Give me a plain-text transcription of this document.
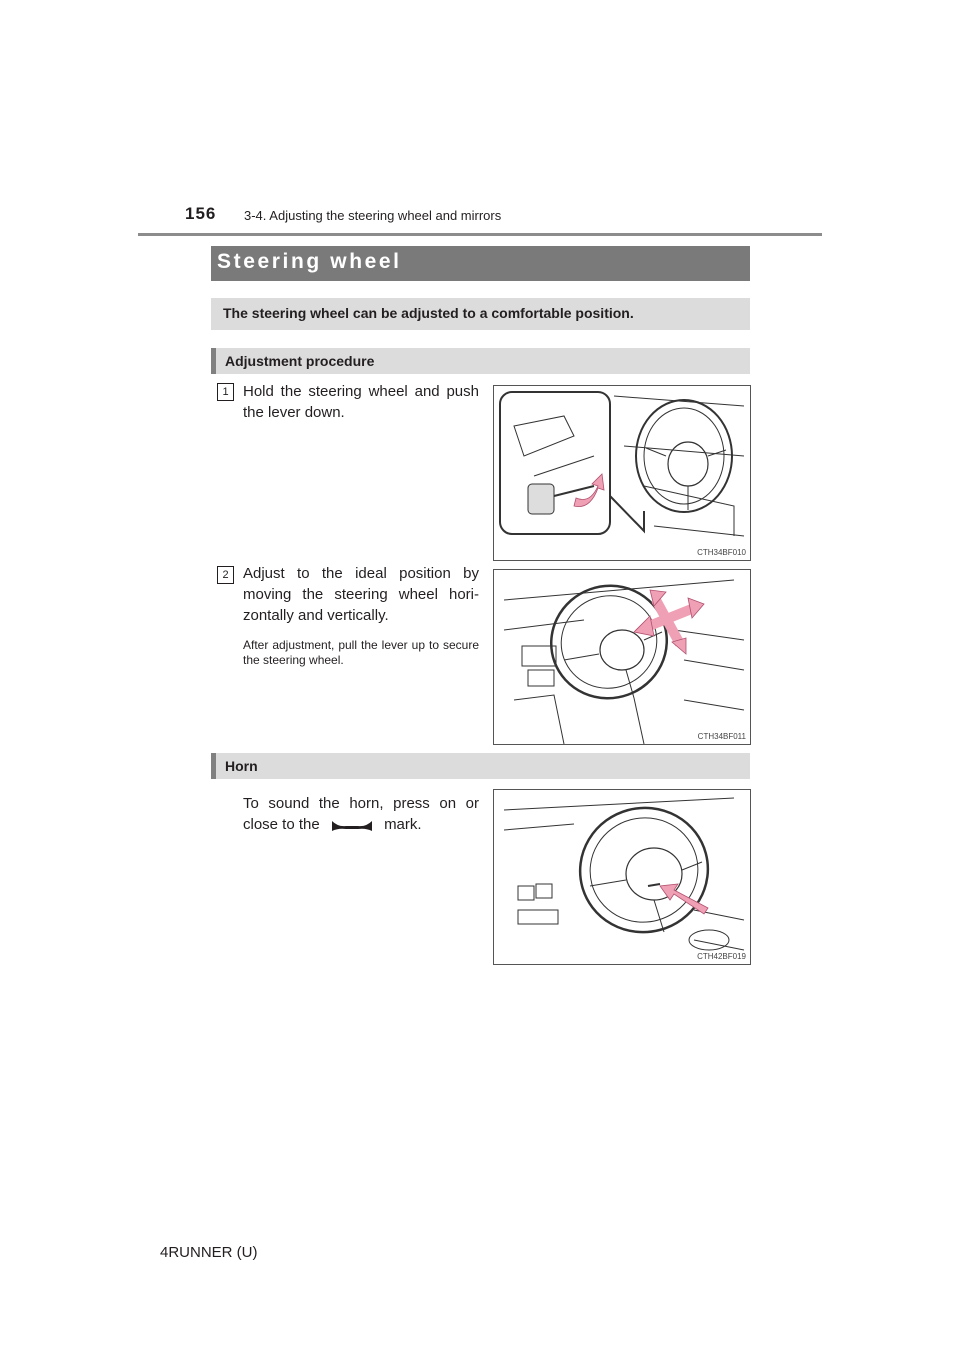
156 3-4. Adjusting the steering wheel and mirrors
Steering wheel
The steering wheel can be adjusted to a comfortable position.
Adjustment procedure
1 Hold the steering wheel and push the lever down.
CTH34BF010
2 Adjust to the ideal position by moving the steering wheel hori-zontally and vertically.
After adjustment, pull the lever up to secure the steering wheel.
CTH34BF011
Horn
To sound the horn, press on or close to the	mark.
CTH42BF019
4RUNNER (U)
